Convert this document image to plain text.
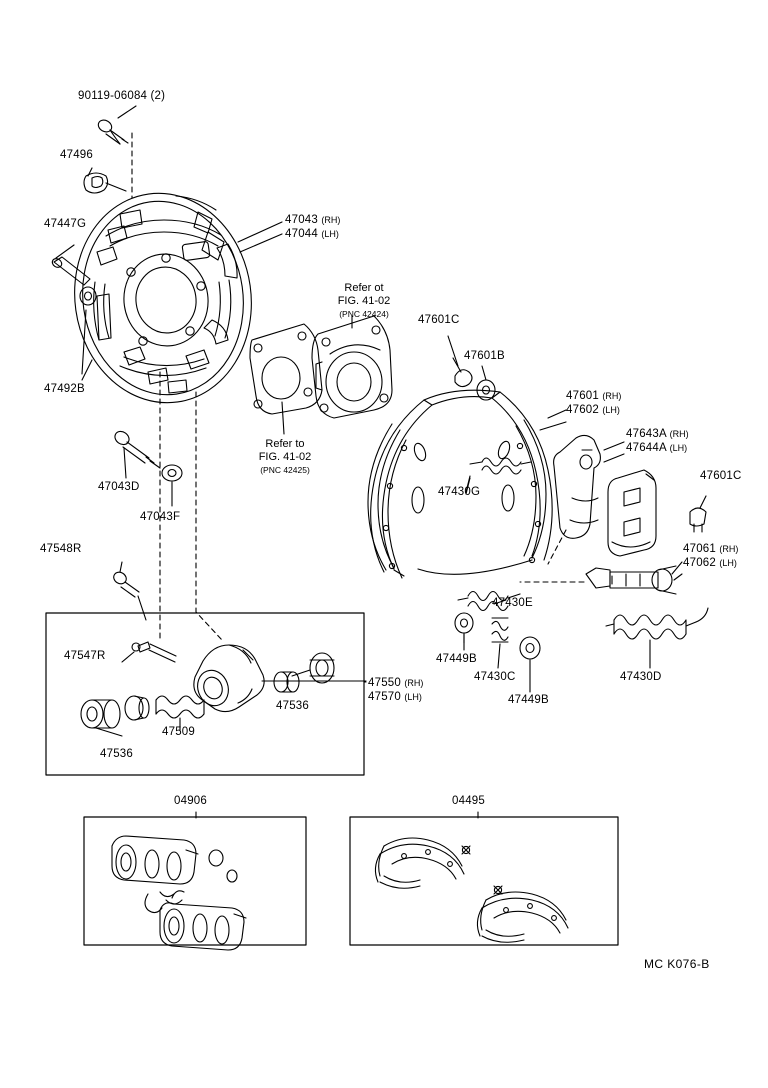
90119-06084 (2)
47496
47447G	47043 (RH)
47044 (LH)
47492B
47043D
47043F
47548R
47547R
47536
47509
47536
47550 (RH)
47570 (LH)
47601C
47601B
47601 (RH)
47602 (LH)
47643A (RH)
47644A (LH)
47601C
47061 (RH)
47062 (LH)
47430G
47430E
47449B
47430C
47449B
47430D
04906	04495
Refer ot
FIG. 41-02
(PNC 42424)
Refer to
FIG. 41-02
(PNC 42425)
MC K076-B
